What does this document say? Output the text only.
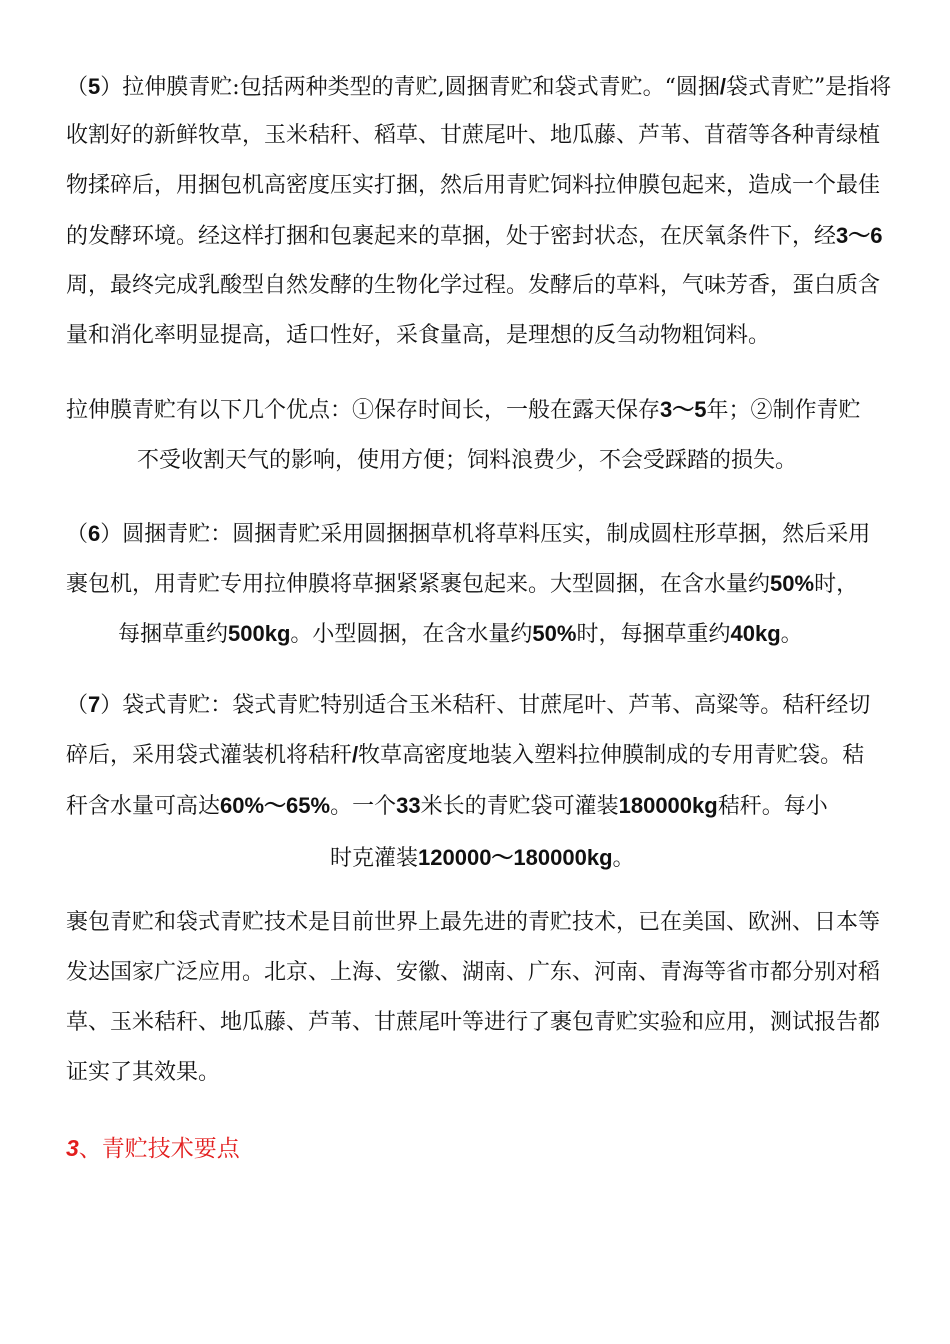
（5）拉伸膜青贮:包括两种类型的青贮,圆捆青贮和袋式青贮。“圆捆/袋式青贮”是指将
收割好的新鲜牧草，玉米秸秆、稻草、甘蔗尾叶、地瓜藤、芦苇、苜蓿等各种青绿植
物揉碎后，用捆包机高密度压实打捆，然后用青贮饲料拉伸膜包起来，造成一个最佳
的发酵环境。经这样打捆和包裹起来的草捆，处于密封状态，在厌氧条件下，经3～6
周，最终完成乳酸型自然发酵的生物化学过程。发酵后的草料，气味芳香，蛋白质含
量和消化率明显提高，适口性好，采食量高，是理想的反刍动物粗饲料。
拉伸膜青贮有以下几个优点：①保存时间长，一般在露天保存3～5年；②制作青贮
不受收割天气的影响，使用方便；饲料浪费少，不会受踩踏的损失。
（6）圆捆青贮：圆捆青贮采用圆捆捆草机将草料压实，制成圆柱形草捆，然后采用
裹包机，用青贮专用拉伸膜将草捆紧紧裹包起来。大型圆捆，在含水量约50%时，
每捆草重约500kg。小型圆捆，在含水量约50%时，每捆草重约40kg。
（7）袋式青贮：袋式青贮特别适合玉米秸秆、甘蔗尾叶、芦苇、高粱等。秸秆经切
碎后，采用袋式灌装机将秸秆/牧草高密度地装入塑料拉伸膜制成的专用青贮袋。秸
秆含水量可高达60%～65%。一个33米长的青贮袋可灌装180000kg秸秆。每小
时克灌装120000～180000kg。
裹包青贮和袋式青贮技术是目前世界上最先进的青贮技术，已在美国、欧洲、日本等
发达国家广泛应用。北京、上海、安徽、湖南、广东、河南、青海等省市都分别对稻
草、玉米秸秆、地瓜藤、芦苇、甘蔗尾叶等进行了裹包青贮实验和应用，测试报告都
证实了其效果。
3、青贮技术要点
